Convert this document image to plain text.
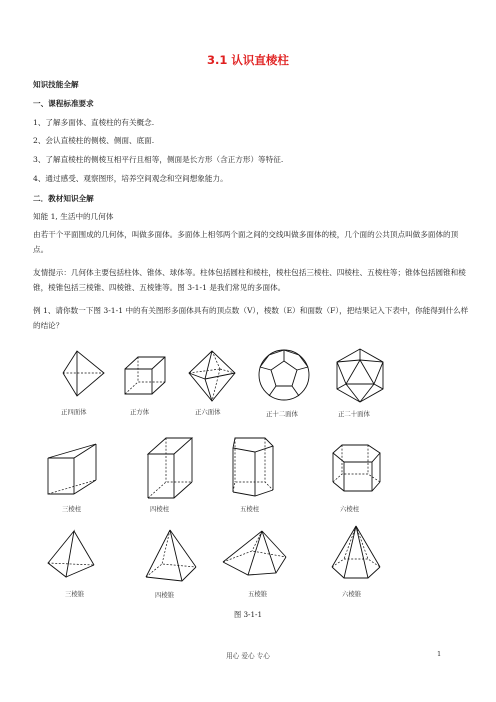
3.1 认识直棱柱
知识技能全解
一、课程标准要求
1、了解多面体、直棱柱的有关概念.
2、会认直棱柱的侧棱、侧面、底面.
3、了解直棱柱的侧棱互相平行且相等，侧面是长方形（含正方形）等特征.
4、通过感受、观察图形，培养空间观念和空间想象能力。
二．教材知识全解
知能 1, 生活中的几何体
由若干个平面围成的几何体，叫做多面体。多面体上相邻两个面之间的交线叫做多面体的棱，几个面的公共顶点叫做多面体的顶点。
友情提示：几何体主要包括柱体、锥体、球体等。柱体包括圆柱和棱柱，棱柱包括三棱柱、四棱柱、五棱柱等；锥体包括圆锥和棱锥，棱锥包括三棱锥、四棱锥、五棱锥等。图 3-1-1 是我们常见的多面体。
例 1、请你数一下图 3-1-1 中的有关图形多面体具有的顶点数（V），棱数（E）和面数（F），把结果记入下表中，你能得到什么样的结论？
正四面体	正方体	正六面体	正十二面体	正二十面体
三棱柱	四棱柱	五棱柱	六棱柱
三棱锥	四棱锥	五棱锥	六棱锥
图 3-1-1
用心 爱心 专心	1
